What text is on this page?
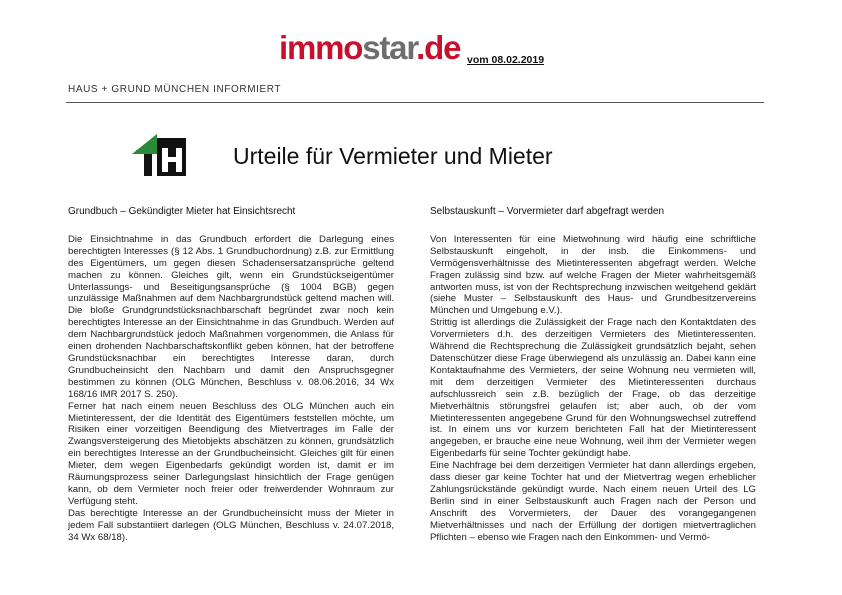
immostar.de vom 08.02.2019
HAUS + GRUND MÜNCHEN INFORMIERT
Urteile für Vermieter und Mieter
Grundbuch – Gekündigter Mieter hat Einsichtsrecht

Die Einsichtnahme in das Grundbuch erfordert die Darlegung eines berechtigten Interesses (§ 12 Abs. 1 Grundbuchordnung) z.B. zur Ermittlung des Eigentümers, um gegen diesen Schadensersatzansprüche geltend machen zu können. Gleiches gilt, wenn ein Grundstückseigentümer Unterlassungs- und Beseitigungsansprüche (§ 1004 BGB) gegen unzulässige Maßnahmen auf dem Nachbargrundstück geltend machen will. Die bloße Grundgrundstücksnachbarschaft begründet zwar noch kein berechtigtes Interesse an der Einsichtnahme in das Grundbuch. Werden auf dem Nachbargrundstück jedoch Maßnahmen vorgenommen, die Anlass für einen drohenden Nachbarschaftskonflikt geben können, hat der betroffene Grundstücksnachbar ein berechtigtes Interesse daran, durch Grundbucheinsicht den Nachbarn und damit den Anspruchsgegner bestimmen zu können (OLG München, Beschluss v. 08.06.2016, 34 Wx 168/16 IMR 2017 S. 250).

Ferner hat nach einem neuen Beschluss des OLG München auch ein Mietinteressent, der die Identität des Eigentümers feststellen möchte, um Risiken einer vorzeitigen Beendigung des Mietvertrages im Falle der Zwangsversteigerung des Mietobjekts abschätzen zu können, grundsätzlich ein berechtigtes Interesse an der Grundbucheinsicht. Gleiches gilt für einen Mieter, dem wegen Eigenbedarfs gekündigt worden ist, damit er im Räumungsprozess seiner Darlegungslast hinsichtlich der Frage genügen kann, ob dem Vermieter noch freier oder freiwerdender Wohnraum zur Verfügung steht.

Das berechtigte Interesse an der Grundbucheinsicht muss der Mieter in jedem Fall substantiiert darlegen (OLG München, Beschluss v. 24.07.2018, 34 Wx 68/18).

Selbstauskunft – Vorvermieter darf abgefragt werden

Von Interessenten für eine Mietwohnung wird häufig eine schriftliche Selbstauskunft eingeholt, in der insb. die Einkommens- und Vermögensverhältnisse des Mietinteressenten abgefragt werden. Welche Fragen zulässig sind bzw. auf welche Fragen der Mieter wahrheitsgemäß antworten muss, ist von der Rechtsprechung inzwischen weitgehend geklärt (siehe Muster – Selbstauskunft des Haus- und Grundbesitzervereins München und Umgebung e.V.).

Strittig ist allerdings die Zulässigkeit der Frage nach den Kontaktdaten des Vorvermieters d.h. des derzeitigen Vermieters des Mietinteressenten. Während die Rechtsprechung die Zulässigkeit grundsätzlich bejaht, sehen Datenschützer diese Frage überwiegend als unzulässig an. Dabei kann eine Kontaktaufnahme des Vermieters, der seine Wohnung neu vermieten will, mit dem derzeitigen Vermieter des Mietinteressenten durchaus aufschlussreich sein z.B. bezüglich der Frage, ob das derzeitige Mietverhältnis störungsfrei gelaufen ist; aber auch, ob der vom Mietinteressenten angegebene Grund für den Wohnungswechsel zutreffend ist. In einem uns vor kurzem berichteten Fall hat der Mietinteressent angegeben, er brauche eine neue Wohnung, weil ihm der Vermieter wegen Eigenbedarfs für seine Tochter gekündigt habe.

Eine Nachfrage bei dem derzeitigen Vermieter hat dann allerdings ergeben, dass dieser gar keine Tochter hat und der Mietvertrag wegen erheblicher Zahlungsrückstände gekündigt wurde. Nach einem neuen Urteil des LG Berlin sind in einer Selbstauskunft auch Fragen nach der Person und Anschrift des Vorvermieters, der Dauer des vorangegangenen Mietverhältnisses und nach der Erfüllung der dortigen mietvertraglichen Pflichten – ebenso wie Fragen nach den Einkommen- und Vermö-
